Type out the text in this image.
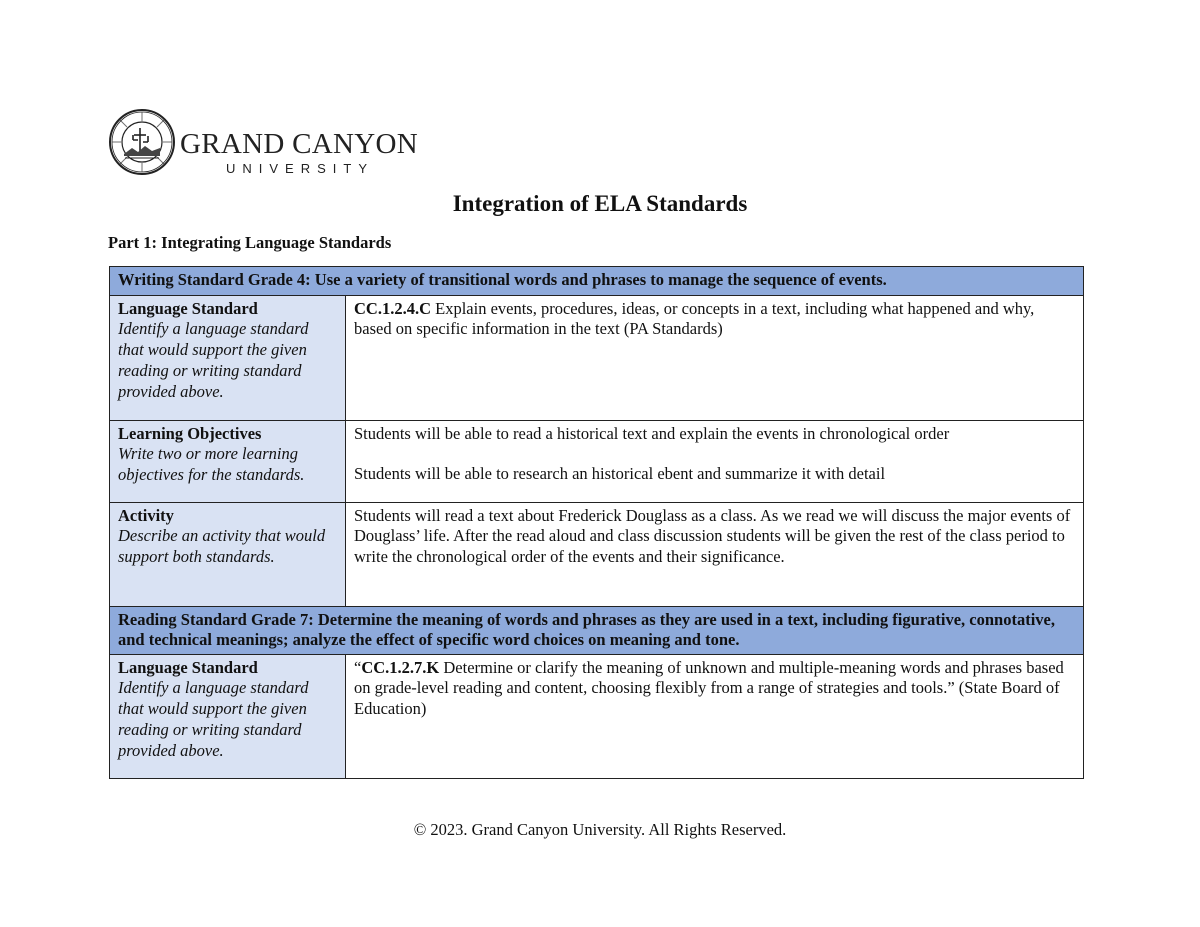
GRAND CANYON
UNIVERSITY
Integration of ELA Standards
Part 1: Integrating Language Standards
Writing Standard Grade 4: Use a variety of transitional words and phrases to manage the sequence of events.	

Language Standard
Identify a language standard that would support the given reading or writing standard provided above.	CC.1.2.4.C Explain events, procedures, ideas, or concepts in a text, including what happened and why, based on specific information in the text (PA Standards)

Learning Objectives
Write two or more learning objectives for the standards.	Students will be able to read a historical text and explain the events in chronological order
Students will be able to research an historical ebent and summarize it with detail

Activity
Describe an activity that would support both standards.	Students will read a text about Frederick Douglass as a class. As we read we will discuss the major events of Douglass’ life. After the read aloud and class discussion students will be given the rest of the class period to write the chronological order of the events and their significance.
Reading Standard Grade 7: Determine the meaning of words and phrases as they are used in a text, including figurative, connotative, and technical meanings; analyze the effect of specific word choices on meaning and tone.	

Language Standard
Identify a language standard that would support the given reading or writing standard provided above.	“CC.1.2.7.K Determine or clarify the meaning of unknown and multiple-meaning words and phrases based on grade-level reading and content, choosing flexibly from a range of strategies and tools.” (State Board of Education)
© 2023. Grand Canyon University. All Rights Reserved.
